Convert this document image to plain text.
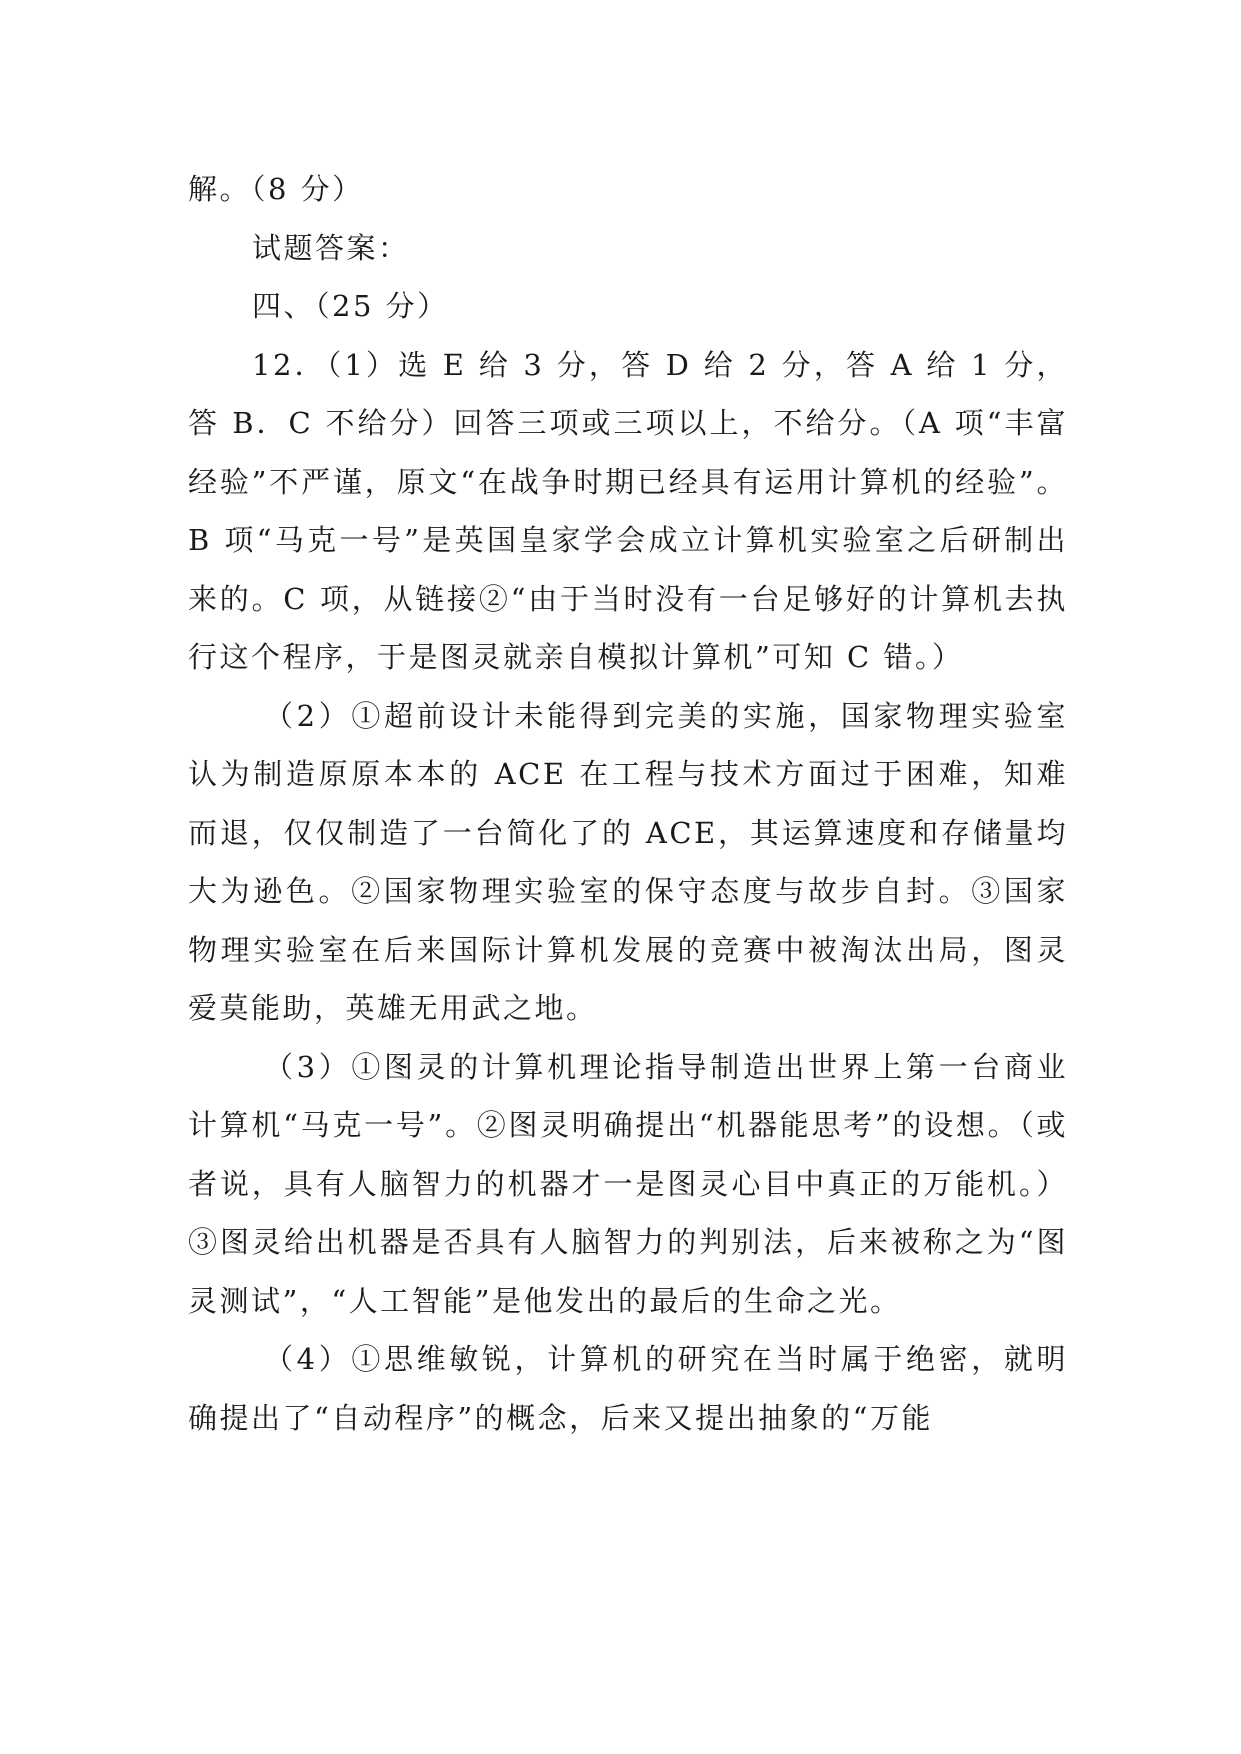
解。（8 分）

试题答案：

四、（25 分）

12．（1）选 E 给 3 分，答 D 给 2 分，答 A 给 1 分，答 B．C 不给分）回答三项或三项以上，不给分。（A 项“丰富经验”不严谨，原文“在战争时期已经具有运用计算机的经验”。B 项“马克一号”是英国皇家学会成立计算机实验室之后研制出来的。C 项，从链接②“由于当时没有一台足够好的计算机去执行这个程序，于是图灵就亲自模拟计算机”可知 C 错。）

（2）①超前设计未能得到完美的实施，国家物理实验室认为制造原原本本的 ACE 在工程与技术方面过于困难，知难而退，仅仅制造了一台简化了的 ACE，其运算速度和存储量均大为逊色。②国家物理实验室的保守态度与故步自封。③国家物理实验室在后来国际计算机发展的竞赛中被淘汰出局，图灵爱莫能助，英雄无用武之地。

（3）①图灵的计算机理论指导制造出世界上第一台商业计算机“马克一号”。②图灵明确提出“机器能思考”的设想。（或者说，具有人脑智力的机器才一是图灵心目中真正的万能机。）③图灵给出机器是否具有人脑智力的判别法，后来被称之为“图灵测试”，“人工智能”是他发出的最后的生命之光。

（4）①思维敏锐，计算机的研究在当时属于绝密，就明确提出了“自动程序”的概念，后来又提出抽象的“万能
